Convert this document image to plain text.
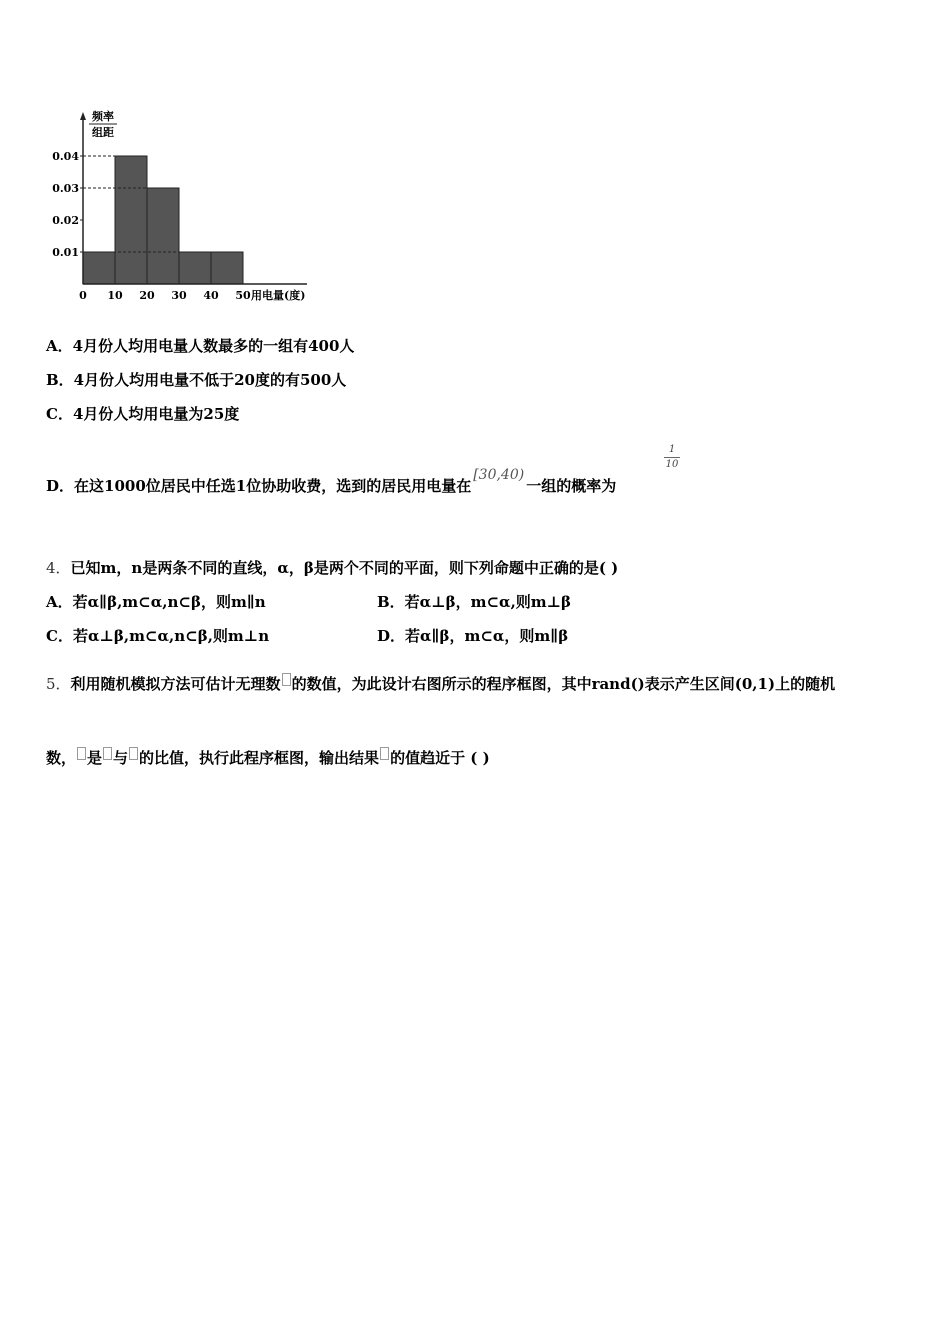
0.01
0.02
0.03
0.04
0 10 20 30 40 50 用电量(度)
频率
组距
A．4月份人均用电量人数最多的一组有400人
B．4月份人均用电量不低于20度的有500人
C．4月份人均用电量为25度
D．在这1000位居民中任选1位协助收费，选到的居民用电量在[30,40)一组的概率为
1
10
4．已知m，n是两条不同的直线，α，β是两个不同的平面，则下列命题中正确的是( )
A．若α∥β,m⊂α,n⊂β，则m∥n	B．若α⊥β，m⊂α,则m⊥β
C．若α⊥β,m⊂α,n⊂β,则m⊥n	D．若α∥β，m⊂α，则m∥β
5．利用随机模拟方法可估计无理数 的数值，为此设计右图所示的程序框图，其中rand()表示产生区间(0,1)上的随机
数， 是 与 的比值，执行此程序框图，输出结果 的值趋近于 ( )
